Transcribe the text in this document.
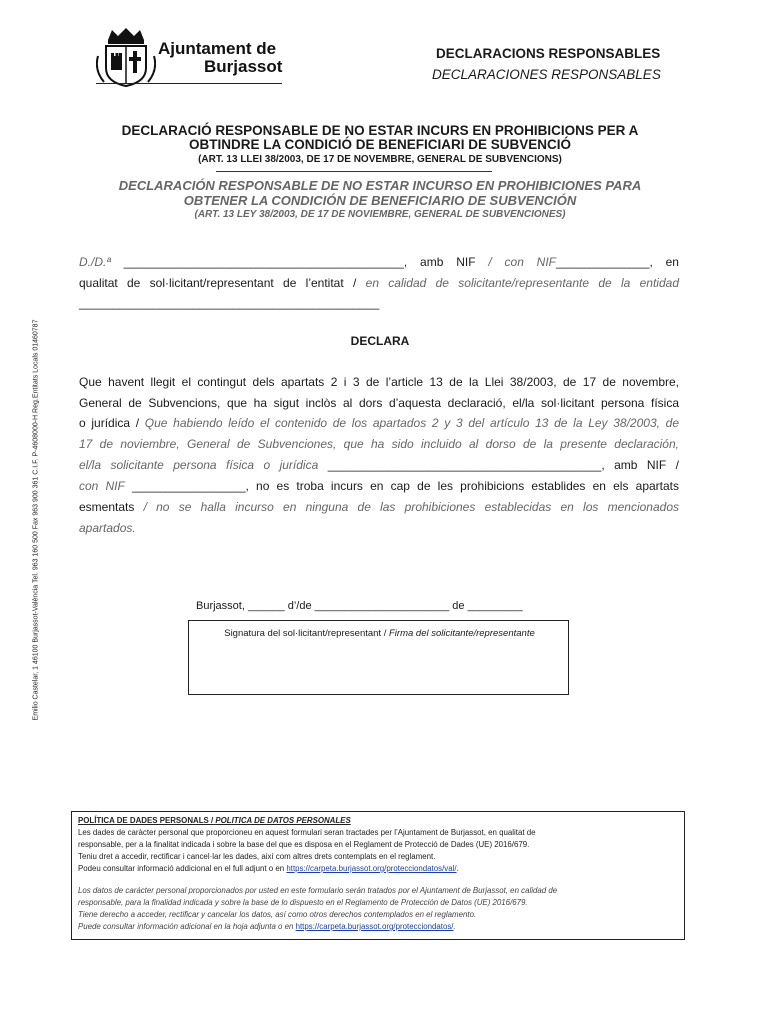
Ajuntament de
Burjassot
DECLARACIONS RESPONSABLES
DECLARACIONES RESPONSABLES
DECLARACIÓ RESPONSABLE DE NO ESTAR INCURS EN PROHIBICIONS PER A
OBTINDRE LA CONDICIÓ DE BENEFICIARI DE SUBVENCIÓ
(ART. 13 LLEI 38/2003, DE 17 DE NOVEMBRE, GENERAL DE SUBVENCIONS)
DECLARACIÓN RESPONSABLE DE NO ESTAR INCURSO EN PROHIBICIONES PARA
OBTENER LA CONDICIÓN DE BENEFICIARIO DE SUBVENCIÓN
(ART. 13 LEY 38/2003, DE 17 DE NOVIEMBRE, GENERAL DE SUBVENCIONES)
D./D.ª __________________________________________, amb NIF / con NIF______________, en
qualitat de sol·licitant/representant de l’entitat / en calidad de solicitante/representante de la entidad
_____________________________________________
DECLARA
Que havent llegit el contingut dels apartats 2 i 3 de l’article 13 de la Llei 38/2003, de 17 de novembre,
General de Subvencions, que ha sigut inclòs al dors d’aquesta declaració, el/la sol·licitant persona física
o jurídica / Que habiendo leído el contenido de los apartados 2 y 3 del artículo 13 de la Ley 38/2003, de
17 de noviembre, General de Subvenciones, que ha sido incluido al dorso de la presente declaración,
el/la solicitante persona física o jurídica _________________________________________, amb NIF /
con NIF _________________, no es troba incurs en cap de les prohibicions establides en els apartats
esmentats / no se halla incurso en ninguna de las prohibiciones establecidas en los mencionados
apartados.
Burjassot, ______ d’/de ______________________ de _________
Signatura del sol·licitant/representant / Firma del solicitante/representante
Emilio Castelar, 1 46100 Burjassot-València Tel. 963 160 500 Fax 963 900 361 C.I.F. P-4608000-H Reg.Entitats Locals 01460787
POLÍTICA DE DADES PERSONALS / POLITICA DE DATOS PERSONALES
Les dades de caràcter personal que proporcioneu en aquest formulari seran tractades per l’Ajuntament de Burjassot, en qualitat de
responsable, per a la finalitat indicada i sobre la base del que es disposa en el Reglament de Protecció de Dades (UE) 2016/679.
Teniu dret a accedir, rectificar i cancel·lar les dades, així com altres drets contemplats en el reglament.
Podeu consultar informació addicional en el full adjunt o en https://carpeta.burjassot.org/protecciondatos/val/.
Los datos de carácter personal proporcionados por usted en este formulario serán tratados por el Ajuntament de Burjassot, en calidad de
responsable, para la finalidad indicada y sobre la base de lo dispuesto en el Reglamento de Protección de Datos (UE) 2016/679.
Tiene derecho a acceder, rectificar y cancelar los datos, así como otros derechos contemplados en el reglamento.
Puede consultar información adicional en la hoja adjunta o en https://carpeta.burjassot.org/protecciondatos/.
